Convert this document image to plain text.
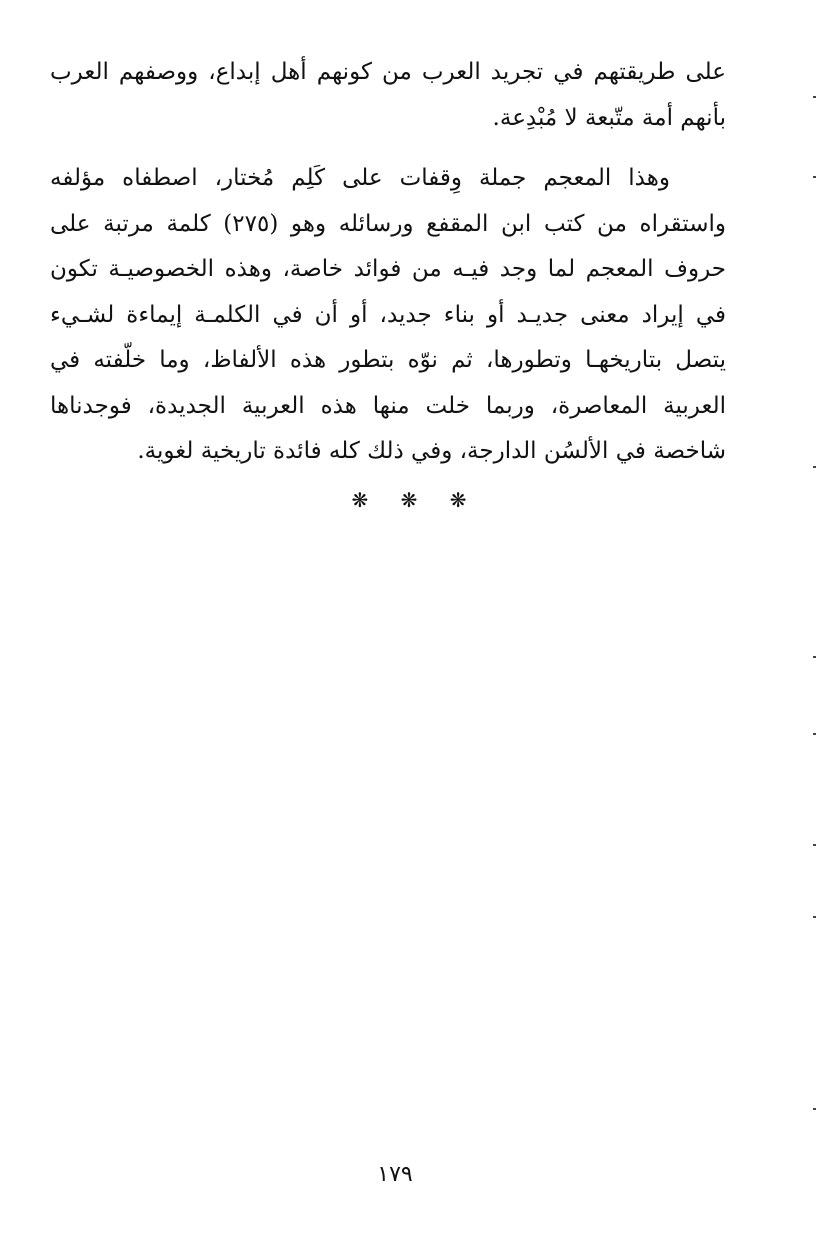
على طريقتهم في تجريد العرب من كونهم أهل إبداع، ووصفهم العرب بأنهم أمة متّبعة لا مُبْدِعة.

وهذا المعجم جملة وِقفات على كَلِم مُختار، اصطفاه مؤلفه واستقراه من كتب ابن المقفع ورسائله وهو (٢٧٥) كلمة مرتبة على حروف المعجم لما وجد فيـه من فوائد خاصة، وهذه الخصوصيـة تكون في إيراد معنى جديـد أو بناء جديد، أو أن في الكلمـة إيماءة لشـيء يتصل بتاريخهـا وتطورها، ثم نوّه بتطور هذه الألفاظ، وما خلّفته في العربية المعاصرة، وربما خلت منها هذه العربية الجديدة، فوجدناها شاخصة في الألسُن الدارجة، وفي ذلك كله فائدة تاريخية لغوية.

❋ ❋ ❋
١٧٩
